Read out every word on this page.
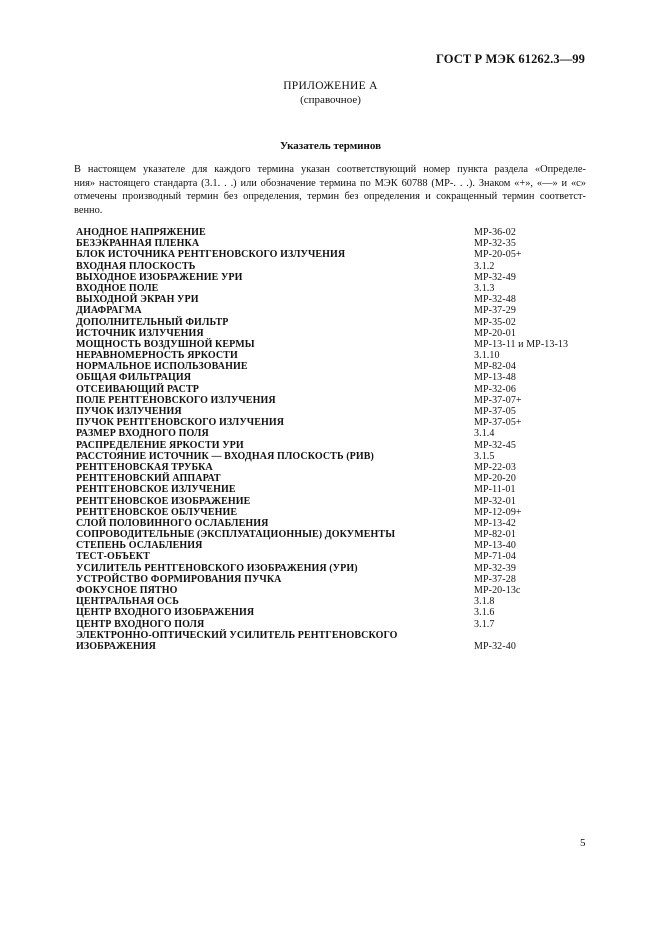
ГОСТ Р МЭК 61262.3—99
ПРИЛОЖЕНИЕ А
(справочное)
Указатель терминов
В настоящем указателе для каждого термина указан соответствующий номер пункта раздела «Определе-
ния» настоящего стандарта (3.1. . .) или обозначение термина по МЭК 60788 (МР-. . .). Знаком «+», «—» и «с»
отмечены производный термин без определения, термин без определения и сокращенный термин соответст-
венно.
АНОДНОЕ НАПРЯЖЕНИЕ	МР-36-02
БЕЗЭКРАННАЯ ПЛЕНКА	МР-32-35
БЛОК ИСТОЧНИКА РЕНТГЕНОВСКОГО ИЗЛУЧЕНИЯ	МР-20-05+
ВХОДНАЯ ПЛОСКОСТЬ	3.1.2
ВЫХОДНОЕ ИЗОБРАЖЕНИЕ УРИ	МР-32-49
ВХОДНОЕ ПОЛЕ	3.1.3
ВЫХОДНОЙ ЭКРАН УРИ	МР-32-48
ДИАФРАГМА	МР-37-29
ДОПОЛНИТЕЛЬНЫЙ ФИЛЬТР	МР-35-02
ИСТОЧНИК ИЗЛУЧЕНИЯ	МР-20-01
МОЩНОСТЬ ВОЗДУШНОЙ КЕРМЫ	МР-13-11 и МР-13-13
НЕРАВНОМЕРНОСТЬ ЯРКОСТИ	3.1.10
НОРМАЛЬНОЕ ИСПОЛЬЗОВАНИЕ	МР-82-04
ОБЩАЯ ФИЛЬТРАЦИЯ	МР-13-48
ОТСЕИВАЮЩИЙ РАСТР	МР-32-06
ПОЛЕ РЕНТГЕНОВСКОГО ИЗЛУЧЕНИЯ	МР-37-07+
ПУЧОК ИЗЛУЧЕНИЯ	МР-37-05
ПУЧОК РЕНТГЕНОВСКОГО ИЗЛУЧЕНИЯ	МР-37-05+
РАЗМЕР ВХОДНОГО ПОЛЯ	3.1.4
РАСПРЕДЕЛЕНИЕ ЯРКОСТИ УРИ	МР-32-45
РАССТОЯНИЕ ИСТОЧНИК — ВХОДНАЯ ПЛОСКОСТЬ (РИВ)	3.1.5
РЕНТГЕНОВСКАЯ ТРУБКА	МР-22-03
РЕНТГЕНОВСКИЙ АППАРАТ	МР-20-20
РЕНТГЕНОВСКОЕ ИЗЛУЧЕНИЕ	МР-11-01
РЕНТГЕНОВСКОЕ ИЗОБРАЖЕНИЕ	МР-32-01
РЕНТГЕНОВСКОЕ ОБЛУЧЕНИЕ	МР-12-09+
СЛОЙ ПОЛОВИННОГО ОСЛАБЛЕНИЯ	МР-13-42
СОПРОВОДИТЕЛЬНЫЕ (ЭКСПЛУАТАЦИОННЫЕ) ДОКУМЕНТЫ	МР-82-01
СТЕПЕНЬ ОСЛАБЛЕНИЯ	МР-13-40
ТЕСТ-ОБЪЕКТ	МР-71-04
УСИЛИТЕЛЬ РЕНТГЕНОВСКОГО ИЗОБРАЖЕНИЯ (УРИ)	МР-32-39
УСТРОЙСТВО ФОРМИРОВАНИЯ ПУЧКА	МР-37-28
ФОКУСНОЕ ПЯТНО	МР-20-13с
ЦЕНТРАЛЬНАЯ ОСЬ	3.1.8
ЦЕНТР ВХОДНОГО ИЗОБРАЖЕНИЯ	3.1.6
ЦЕНТР ВХОДНОГО ПОЛЯ	3.1.7
ЭЛЕКТРОННО-ОПТИЧЕСКИЙ УСИЛИТЕЛЬ РЕНТГЕНОВСКОГО ИЗОБРАЖЕНИЯ	МР-32-40
5
